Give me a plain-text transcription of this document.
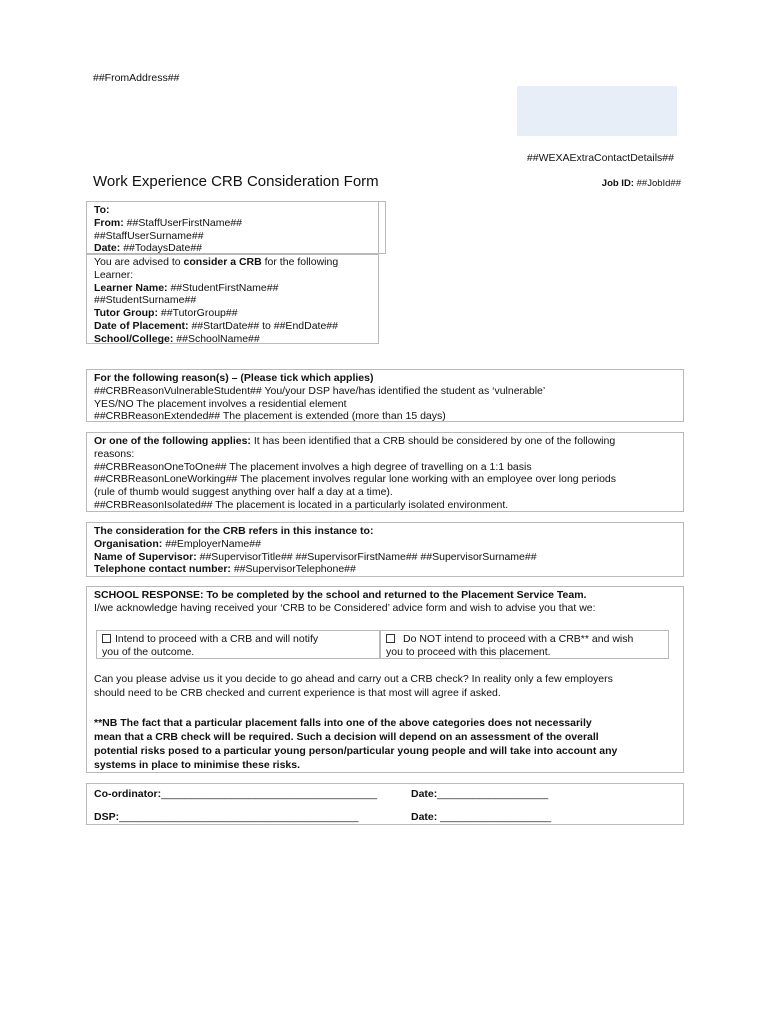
##FromAddress##
##WEXAExtraContactDetails##
Work Experience CRB Consideration Form	Job ID: ##JobId##
To:
From: ##StaffUserFirstName##
##StaffUserSurname##
Date: ##TodaysDate##
You are advised to consider a CRB for the following
Learner:
Learner Name: ##StudentFirstName##
##StudentSurname##
Tutor Group: ##TutorGroup##
Date of Placement: ##StartDate## to ##EndDate##
School/College: ##SchoolName##
For the following reason(s) – (Please tick which applies)
##CRBReasonVulnerableStudent## You/your DSP have/has identified the student as ‘vulnerable’
YES/NO The placement involves a residential element
##CRBReasonExtended## The placement is extended (more than 15 days)
Or one of the following applies: It has been identified that a CRB should be considered by one of the following
reasons:
##CRBReasonOneToOne## The placement involves a high degree of travelling on a 1:1 basis
##CRBReasonLoneWorking## The placement involves regular lone working with an employee over long periods
(rule of thumb would suggest anything over half a day at a time).
##CRBReasonIsolated## The placement is located in a particularly isolated environment.
The consideration for the CRB refers in this instance to:
Organisation: ##EmployerName##
Name of Supervisor: ##SupervisorTitle## ##SupervisorFirstName## ##SupervisorSurname##
Telephone contact number: ##SupervisorTelephone##
SCHOOL RESPONSE: To be completed by the school and returned to the Placement Service Team.
I/we acknowledge having received your ‘CRB to be Considered’ advice form and wish to advise you that we:
Intend to proceed with a CRB and will notify
you of the outcome.
Do NOT intend to proceed with a CRB** and wish
you to proceed with this placement.
Can you please advise us it you decide to go ahead and carry out a CRB check? In reality only a few employers
should need to be CRB checked and current experience is that most will agree if asked.
**NB The fact that a particular placement falls into one of the above categories does not necessarily
mean that a CRB check will be required. Such a decision will depend on an assessment of the overall
potential risks posed to a particular young person/particular young people and will take into account any
systems in place to minimise these risks.
Co-ordinator:_____________________________________	Date:___________________
DSP:_________________________________________	Date: ___________________
